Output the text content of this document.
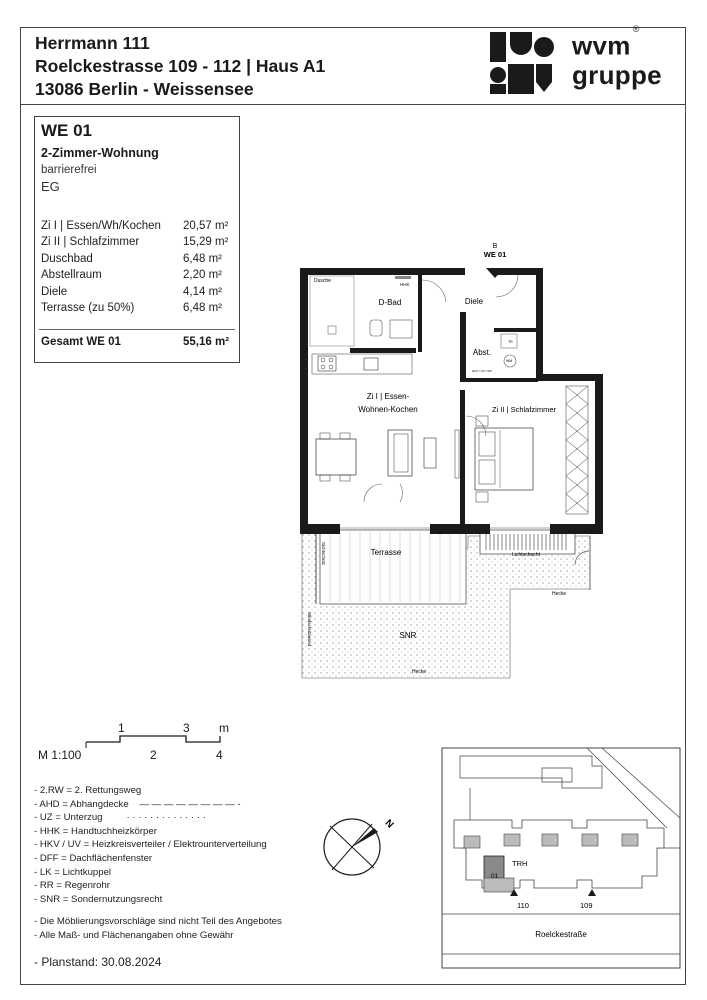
Herrmann 111
Roelckestrasse 109 - 112 | Haus A1
13086 Berlin - Weissensee
wvm®
gruppe
WE 01
2-Zimmer-Wohnung
barrierefrei
EG
Zi I | Essen/Wh/Kochen 20,57 m²
Zi II | Schlafzimmer	15,29 m²
Duschbad	6,48 m²
Abstellraum	2,20 m²
Diele	4,14 m²
Terrasse (zu 50%)	6,48 m²
Gesamt WE 01	55,16 m²
B
WE 01
Dusche
HHK
D-Bad	Diele
Abst.
TR
WM
HKV / UV / WV
Zi I | Essen-
Wohnen-Kochen	Zi II | Schlafzimmer
Terrasse	Lichtschacht
Hecke
Hecke
Sichtschutz
Windschutzwand	SNR
M 1:100
1	3 m
2	4
- 2.RW = 2. Rettungsweg
- AHD = Abhangdecke — — — — — — — — -
- UZ = Unterzug	· · · · · · · · · · · · · ·
- HHK = Handtuchheizkörper
- HKV / UV = Heizkreisverteiler / Elektrounterverteilung
- DFF = Dachflächenfenster
- LK = Lichtkuppel
- RR = Regenrohr
- SNR = Sondernutzungsrecht
- Die Möblierungsvorschläge sind nicht Teil des Angebotes
- Alle Maß- und Flächenangaben ohne Gewähr
- Planstand: 30.08.2024
N
TRH
01
110	109
Roelckestraße
